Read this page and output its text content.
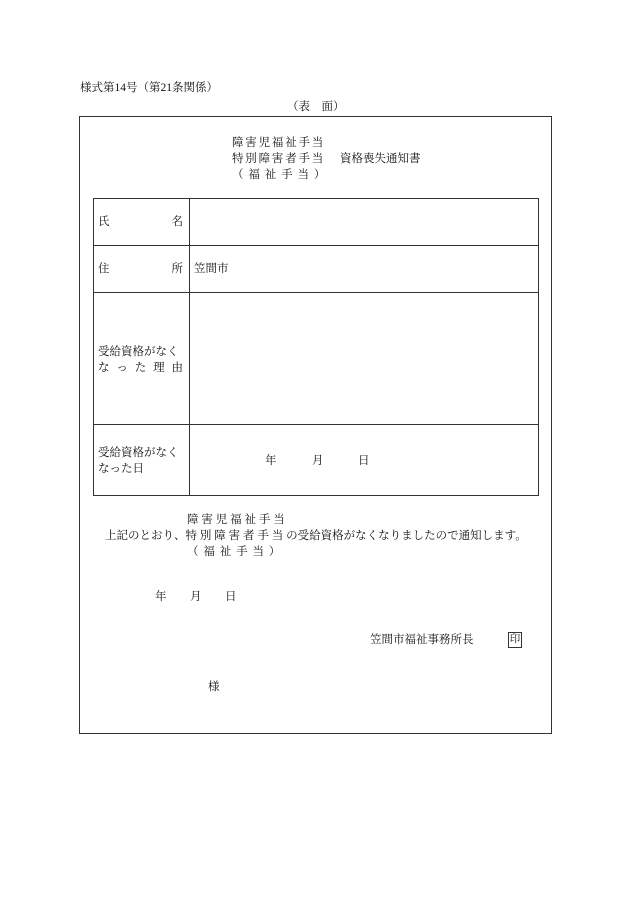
様式第14号（第21条関係）
（表　面）
障害児福祉手当
特別障害者手当 資格喪失通知書
（ 福 祉 手 当 ）
氏　　　名
住　　　所 笠間市
受給資格がなく
な っ た 理 由
受給資格がなく
なった日
年	月	日
障 害 児 福 祉 手 当
上記のとおり、特 別 障 害 者 手 当 の受給資格がなくなりましたので通知します。
（ 福 祉 手 当 ）
年 月 日
笠間市福祉事務所長	印
様
